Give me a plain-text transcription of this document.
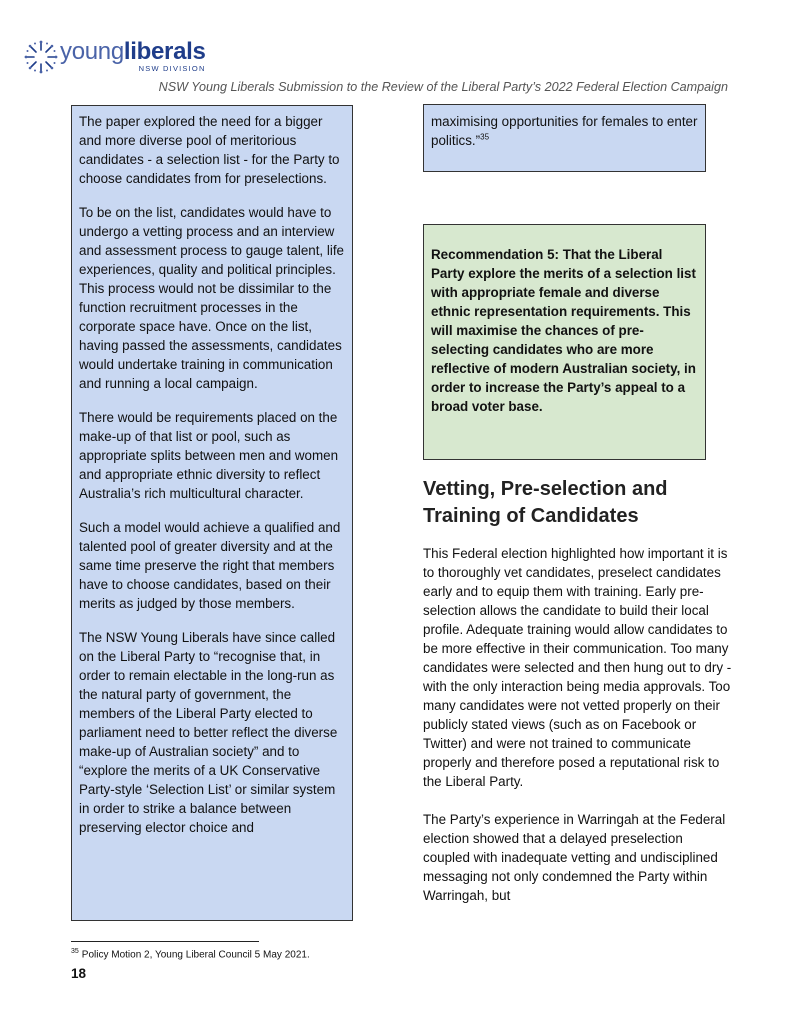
youngliberals
NSW DIVISION
NSW Young Liberals Submission to the Review of the Liberal Party’s 2022 Federal Election Campaign

The paper explored the need for a bigger and more diverse pool of meritorious candidates - a selection list - for the Party to choose candidates from for preselections.

To be on the list, candidates would have to undergo a vetting process and an interview and assessment process to gauge talent, life experiences, quality and political principles. This process would not be dissimilar to the function recruitment processes in the corporate space have. Once on the list, having passed the assessments, candidates would undertake training in communication and running a local campaign.

There would be requirements placed on the make-up of that list or pool, such as appropriate splits between men and women and appropriate ethnic diversity to reflect Australia’s rich multicultural character.

Such a model would achieve a qualified and talented pool of greater diversity and at the same time preserve the right that members have to choose candidates, based on their merits as judged by those members.

The NSW Young Liberals have since called on the Liberal Party to “recognise that, in order to remain electable in the long-run as the natural party of government, the members of the Liberal Party elected to parliament need to better reflect the diverse make-up of Australian society” and to “explore the merits of a UK Conservative Party-style ‘Selection List’ or similar system in order to strike a balance between preserving elector choice and

maximising opportunities for females to enter politics.”$^{35}$

Recommendation 5: That the Liberal Party explore the merits of a selection list with appropriate female and diverse ethnic representation requirements. This will maximise the chances of pre-selecting candidates who are more reflective of modern Australian society, in order to increase the Party’s appeal to a broad voter base.

Vetting, Pre-selection and Training of Candidates

This Federal election highlighted how important it is to thoroughly vet candidates, preselect candidates early and to equip them with training. Early pre-selection allows the candidate to build their local profile. Adequate training would allow candidates to be more effective in their communication. Too many candidates were selected and then hung out to dry - with the only interaction being media approvals. Too many candidates were not vetted properly on their publicly stated views (such as on Facebook or Twitter) and were not trained to communicate properly and therefore posed a reputational risk to the Liberal Party.

The Party’s experience in Warringah at the Federal election showed that a delayed preselection coupled with inadequate vetting and undisciplined messaging not only condemned the Party within Warringah, but

$^{35}$ Policy Motion 2, Young Liberal Council 5 May 2021.
18
